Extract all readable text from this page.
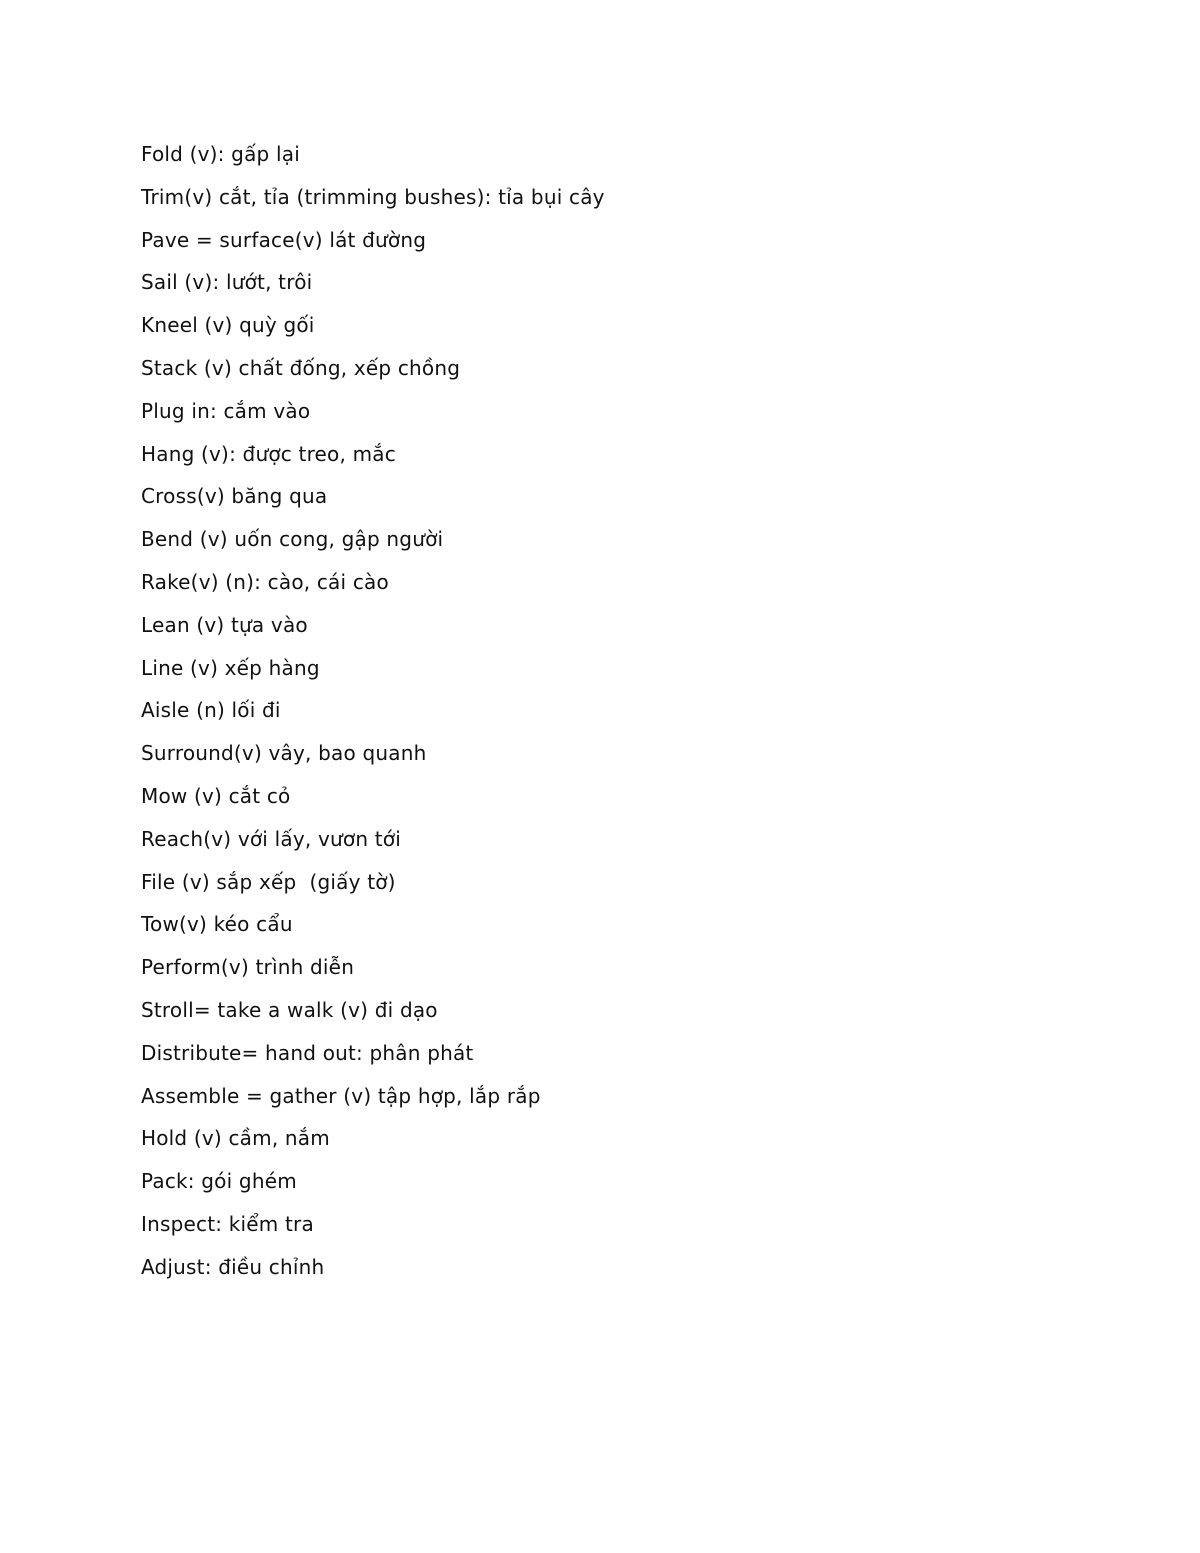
Fold (v): gấp lại
Trim(v) cắt, tỉa (trimming bushes): tỉa bụi cây
Pave = surface(v) lát đường
Sail (v): lướt, trôi
Kneel (v) quỳ gối
Stack (v) chất đống, xếp chồng
Plug in: cắm vào
Hang (v): được treo, mắc
Cross(v) băng qua
Bend (v) uốn cong, gập người
Rake(v) (n): cào, cái cào
Lean (v) tựa vào
Line (v) xếp hàng
Aisle (n) lối đi
Surround(v) vây, bao quanh
Mow (v) cắt cỏ
Reach(v) với lấy, vươn tới
File (v) sắp xếp  (giấy tờ)
Tow(v) kéo cẩu
Perform(v) trình diễn
Stroll= take a walk (v) đi dạo
Distribute= hand out: phân phát
Assemble = gather (v) tập hợp, lắp rắp
Hold (v) cầm, nắm
Pack: gói ghém
Inspect: kiểm tra
Adjust: điều chỉnh
